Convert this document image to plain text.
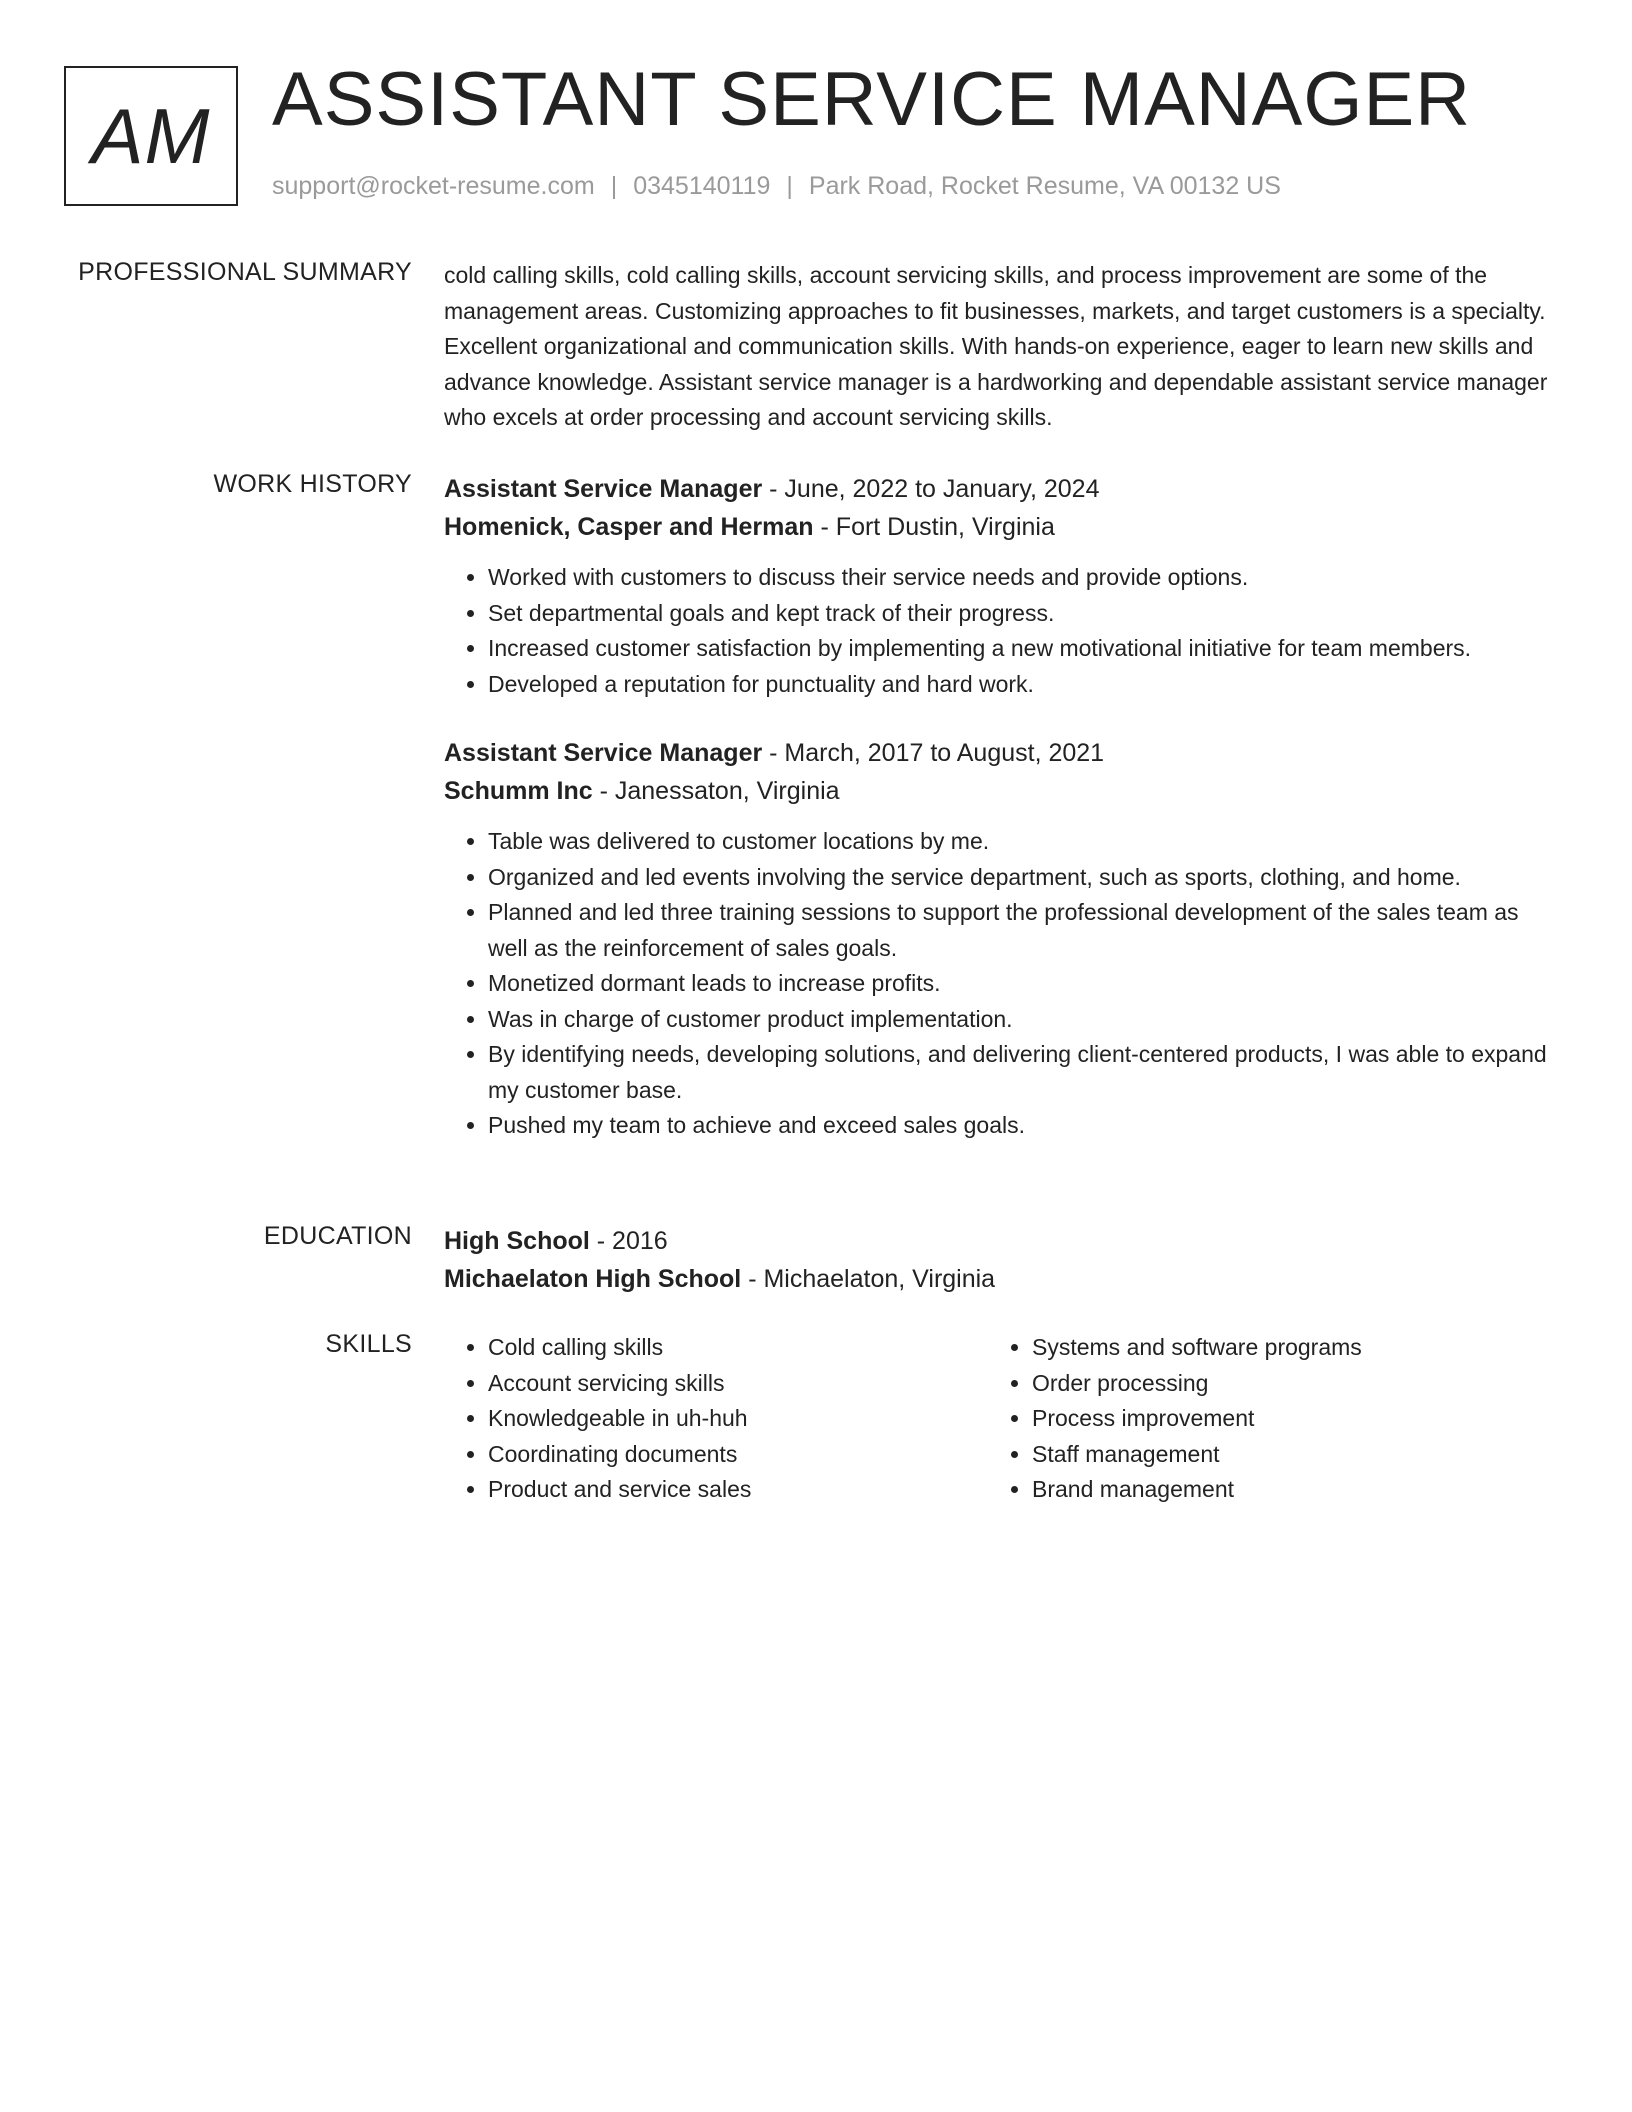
AM ASSISTANT SERVICE MANAGER
support@rocket-resume.com | 0345140119 | Park Road, Rocket Resume, VA 00132 US
PROFESSIONAL SUMMARY cold calling skills, cold calling skills, account servicing skills, and process improvement are some of the management areas. Customizing approaches to fit businesses, markets, and target customers is a specialty. Excellent organizational and communication skills. With hands-on experience, eager to learn new skills and advance knowledge. Assistant service manager is a hardworking and dependable assistant service manager who excels at order processing and account servicing skills.
WORK HISTORY Assistant Service Manager - June, 2022 to January, 2024
Homenick, Casper and Herman - Fort Dustin, Virginia
• Worked with customers to discuss their service needs and provide options.
• Set departmental goals and kept track of their progress.
• Increased customer satisfaction by implementing a new motivational initiative for team members.
• Developed a reputation for punctuality and hard work.
Assistant Service Manager - March, 2017 to August, 2021
Schumm Inc - Janessaton, Virginia
• Table was delivered to customer locations by me.
• Organized and led events involving the service department, such as sports, clothing, and home.
• Planned and led three training sessions to support the professional development of the sales team as well as the reinforcement of sales goals.
• Monetized dormant leads to increase profits.
• Was in charge of customer product implementation.
• By identifying needs, developing solutions, and delivering client-centered products, I was able to expand my customer base.
• Pushed my team to achieve and exceed sales goals.
EDUCATION High School - 2016
Michaelaton High School - Michaelaton, Virginia
SKILLS
•	Cold calling skills
• Account servicing skills
• Knowledgeable in uh-huh
• Coordinating documents
• Product and service sales
• Systems and software programs
• Order processing
• Process improvement
• Staff management
• Brand management
